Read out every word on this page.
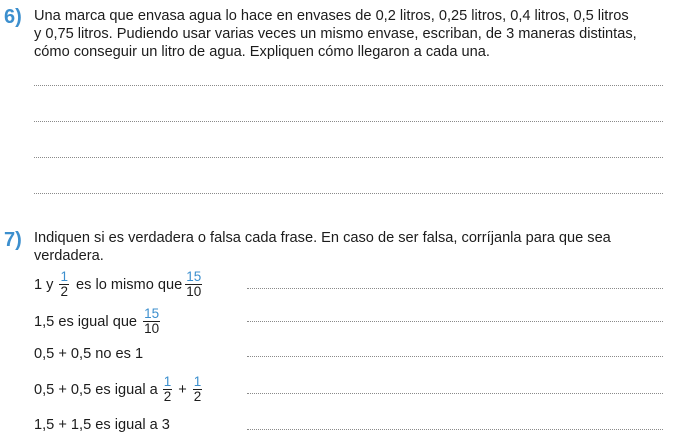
6) Una marca que envasa agua lo hace en envases de 0,2 litros, 0,25 litros, 0,4 litros, 0,5 litros
y 0,75 litros. Pudiendo usar varias veces un mismo envase, escriban, de 3 maneras distintas,
cómo conseguir un litro de agua. Expliquen cómo llegaron a cada una.
7) Indiquen si es verdadera o falsa cada frase. En caso de ser falsa, corríjanla para que sea
verdadera.
1 y $\frac{1}{2}$ es lo mismo que $\frac{15}{10}$
1,5 es igual que $\frac{15}{10}$
0,5 + 0,5 no es 1
0,5 + 0,5 es igual a $\frac{1}{2} + \frac{1}{2}$
1,5 + 1,5 es igual a 3
